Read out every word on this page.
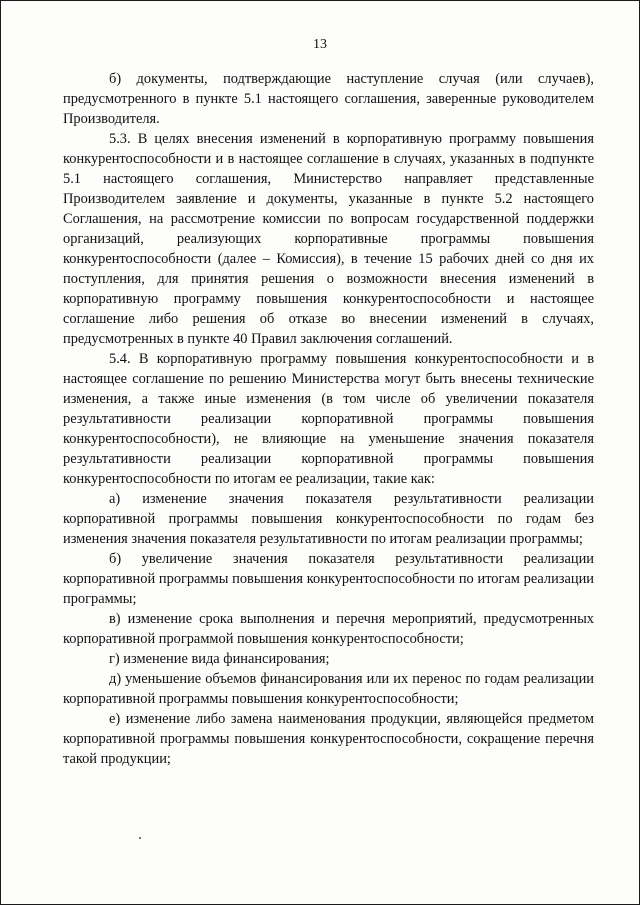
13

б) документы, подтверждающие наступление случая (или случаев), предусмотренного в пункте 5.1 настоящего соглашения, заверенные руководителем Производителя.

5.3. В целях внесения изменений в корпоративную программу повышения конкурентоспособности и в настоящее соглашение в случаях, указанных в подпункте 5.1 настоящего соглашения, Министерство направляет представленные Производителем заявление и документы, указанные в пункте 5.2 настоящего Соглашения, на рассмотрение комиссии по вопросам государственной поддержки организаций, реализующих корпоративные программы повышения конкурентоспособности (далее – Комиссия), в течение 15 рабочих дней со дня их поступления, для принятия решения о возможности внесения изменений в корпоративную программу повышения конкурентоспособности и настоящее соглашение либо решения об отказе во внесении изменений в случаях, предусмотренных в пункте 40 Правил заключения соглашений.

5.4. В корпоративную программу повышения конкурентоспособности и в настоящее соглашение по решению Министерства могут быть внесены технические изменения, а также иные изменения (в том числе об увеличении показателя результативности реализации корпоративной программы повышения конкурентоспособности), не влияющие на уменьшение значения показателя результативности реализации корпоративной программы повышения конкурентоспособности по итогам ее реализации, такие как:

а) изменение значения показателя результативности реализации корпоративной программы повышения конкурентоспособности по годам без изменения значения показателя результативности по итогам реализации программы;

б) увеличение значения показателя результативности реализации корпоративной программы повышения конкурентоспособности по итогам реализации программы;

в) изменение срока выполнения и перечня мероприятий, предусмотренных корпоративной программой повышения конкурентоспособности;

г) изменение вида финансирования;

д) уменьшение объемов финансирования или их перенос по годам реализации корпоративной программы повышения конкурентоспособности;

е) изменение либо замена наименования продукции, являющейся предметом корпоративной программы повышения конкурентоспособности, сокращение перечня такой продукции;
